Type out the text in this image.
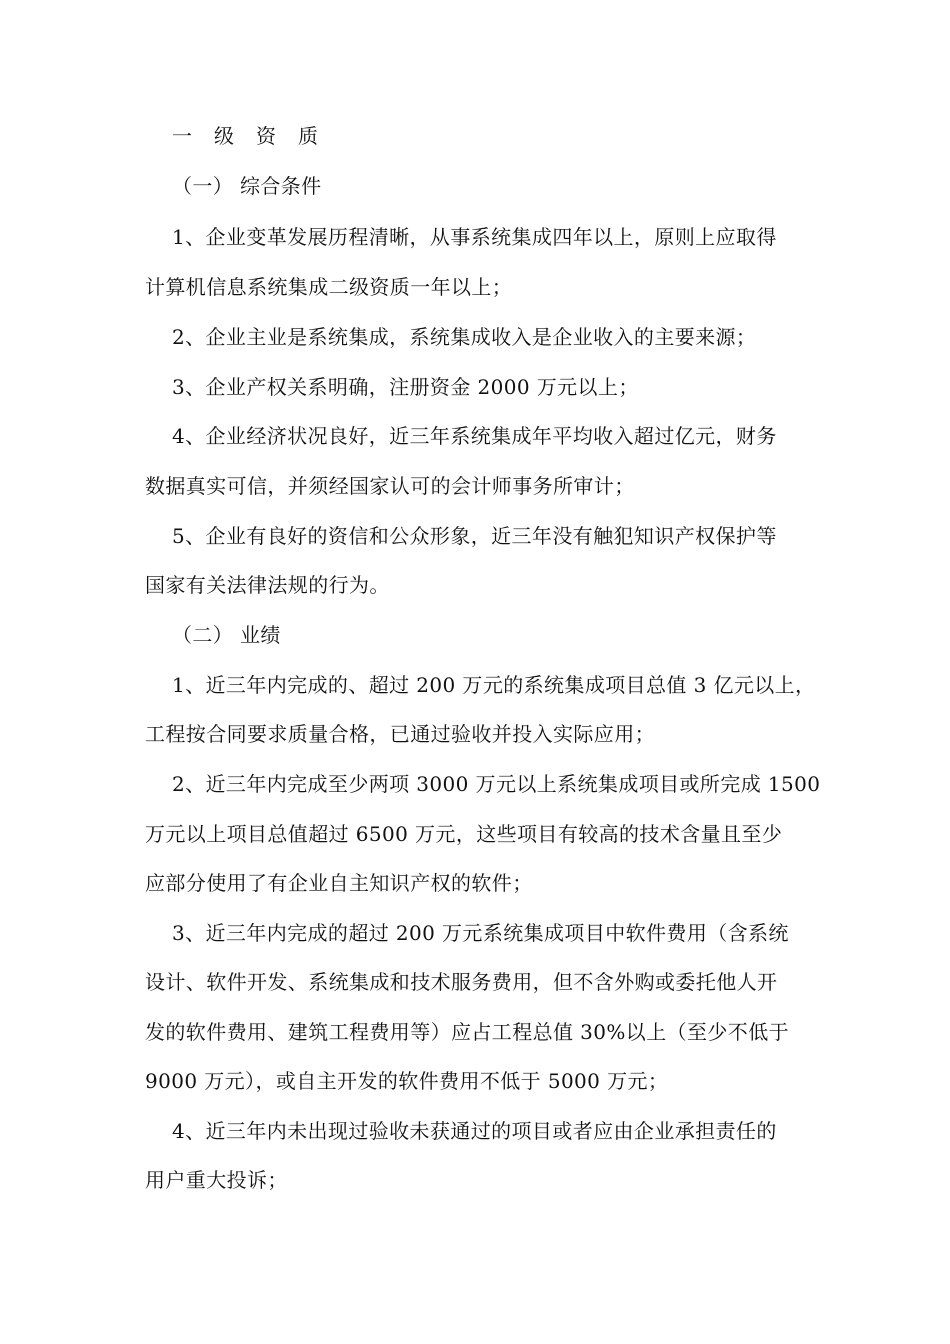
一级资质
（一） 综合条件
1、企业变革发展历程清晰，从事系统集成四年以上，原则上应取得
计算机信息系统集成二级资质一年以上；
2、企业主业是系统集成，系统集成收入是企业收入的主要来源；
3、企业产权关系明确，注册资金 2000 万元以上；
4、企业经济状况良好，近三年系统集成年平均收入超过亿元，财务
数据真实可信，并须经国家认可的会计师事务所审计；
5、企业有良好的资信和公众形象，近三年没有触犯知识产权保护等
国家有关法律法规的行为。
（二） 业绩
1、近三年内完成的、超过 200 万元的系统集成项目总值 3 亿元以上，
工程按合同要求质量合格，已通过验收并投入实际应用；
2、近三年内完成至少两项 3000 万元以上系统集成项目或所完成 1500
万元以上项目总值超过 6500 万元，这些项目有较高的技术含量且至少
应部分使用了有企业自主知识产权的软件；
3、近三年内完成的超过 200 万元系统集成项目中软件费用（含系统
设计、软件开发、系统集成和技术服务费用，但不含外购或委托他人开
发的软件费用、建筑工程费用等）应占工程总值 30%以上（至少不低于
9000 万元），或自主开发的软件费用不低于 5000 万元；
4、近三年内未出现过验收未获通过的项目或者应由企业承担责任的
用户重大投诉；
